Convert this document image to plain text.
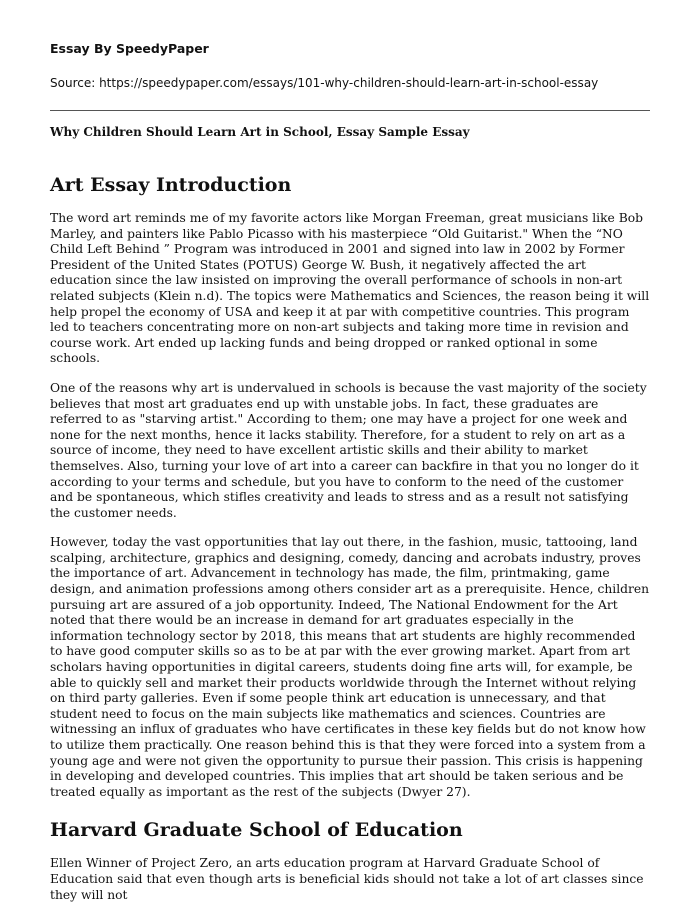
Essay By SpeedyPaper
Source: https://speedypaper.com/essays/101-why-children-should-learn-art-in-school-essay
Why Children Should Learn Art in School, Essay Sample Essay
Art Essay Introduction

The word art reminds me of my favorite actors like Morgan Freeman, great musicians like Bob Marley, and painters like Pablo Picasso with his masterpiece “Old Guitarist." When the “NO Child Left Behind ” Program was introduced in 2001 and signed into law in 2002 by Former President of the United States (POTUS) George W. Bush, it negatively affected the art education since the law insisted on improving the overall performance of schools in non-art related subjects (Klein n.d). The topics were Mathematics and Sciences, the reason being it will help propel the economy of USA and keep it at par with competitive countries. This program led to teachers concentrating more on non-art subjects and taking more time in revision and course work. Art ended up lacking funds and being dropped or ranked optional in some schools.

One of the reasons why art is undervalued in schools is because the vast majority of the society believes that most art graduates end up with unstable jobs. In fact, these graduates are referred to as "starving artist." According to them; one may have a project for one week and none for the next months, hence it lacks stability. Therefore, for a student to rely on art as a source of income, they need to have excellent artistic skills and their ability to market themselves. Also, turning your love of art into a career can backfire in that you no longer do it according to your terms and schedule, but you have to conform to the need of the customer and be spontaneous, which stifles creativity and leads to stress and as a result not satisfying the customer needs.

However, today the vast opportunities that lay out there, in the fashion, music, tattooing, land scalping, architecture, graphics and designing, comedy, dancing and acrobats industry, proves the importance of art. Advancement in technology has made, the film, printmaking, game design, and animation professions among others consider art as a prerequisite. Hence, children pursuing art are assured of a job opportunity. Indeed, The National Endowment for the Art noted that there would be an increase in demand for art graduates especially in the information technology sector by 2018, this means that art students are highly recommended to have good computer skills so as to be at par with the ever growing market. Apart from art scholars having opportunities in digital careers, students doing fine arts will, for example, be able to quickly sell and market their products worldwide through the Internet without relying on third party galleries. Even if some people think art education is unnecessary, and that student need to focus on the main subjects like mathematics and sciences. Countries are witnessing an influx of graduates who have certificates in these key fields but do not know how to utilize them practically. One reason behind this is that they were forced into a system from a young age and were not given the opportunity to pursue their passion. This crisis is happening in developing and developed countries. This implies that art should be taken serious and be treated equally as important as the rest of the subjects (Dwyer 27).

Harvard Graduate School of Education

Ellen Winner of Project Zero, an arts education program at Harvard Graduate School of Education said that even though arts is beneficial kids should not take a lot of art classes since they will not
